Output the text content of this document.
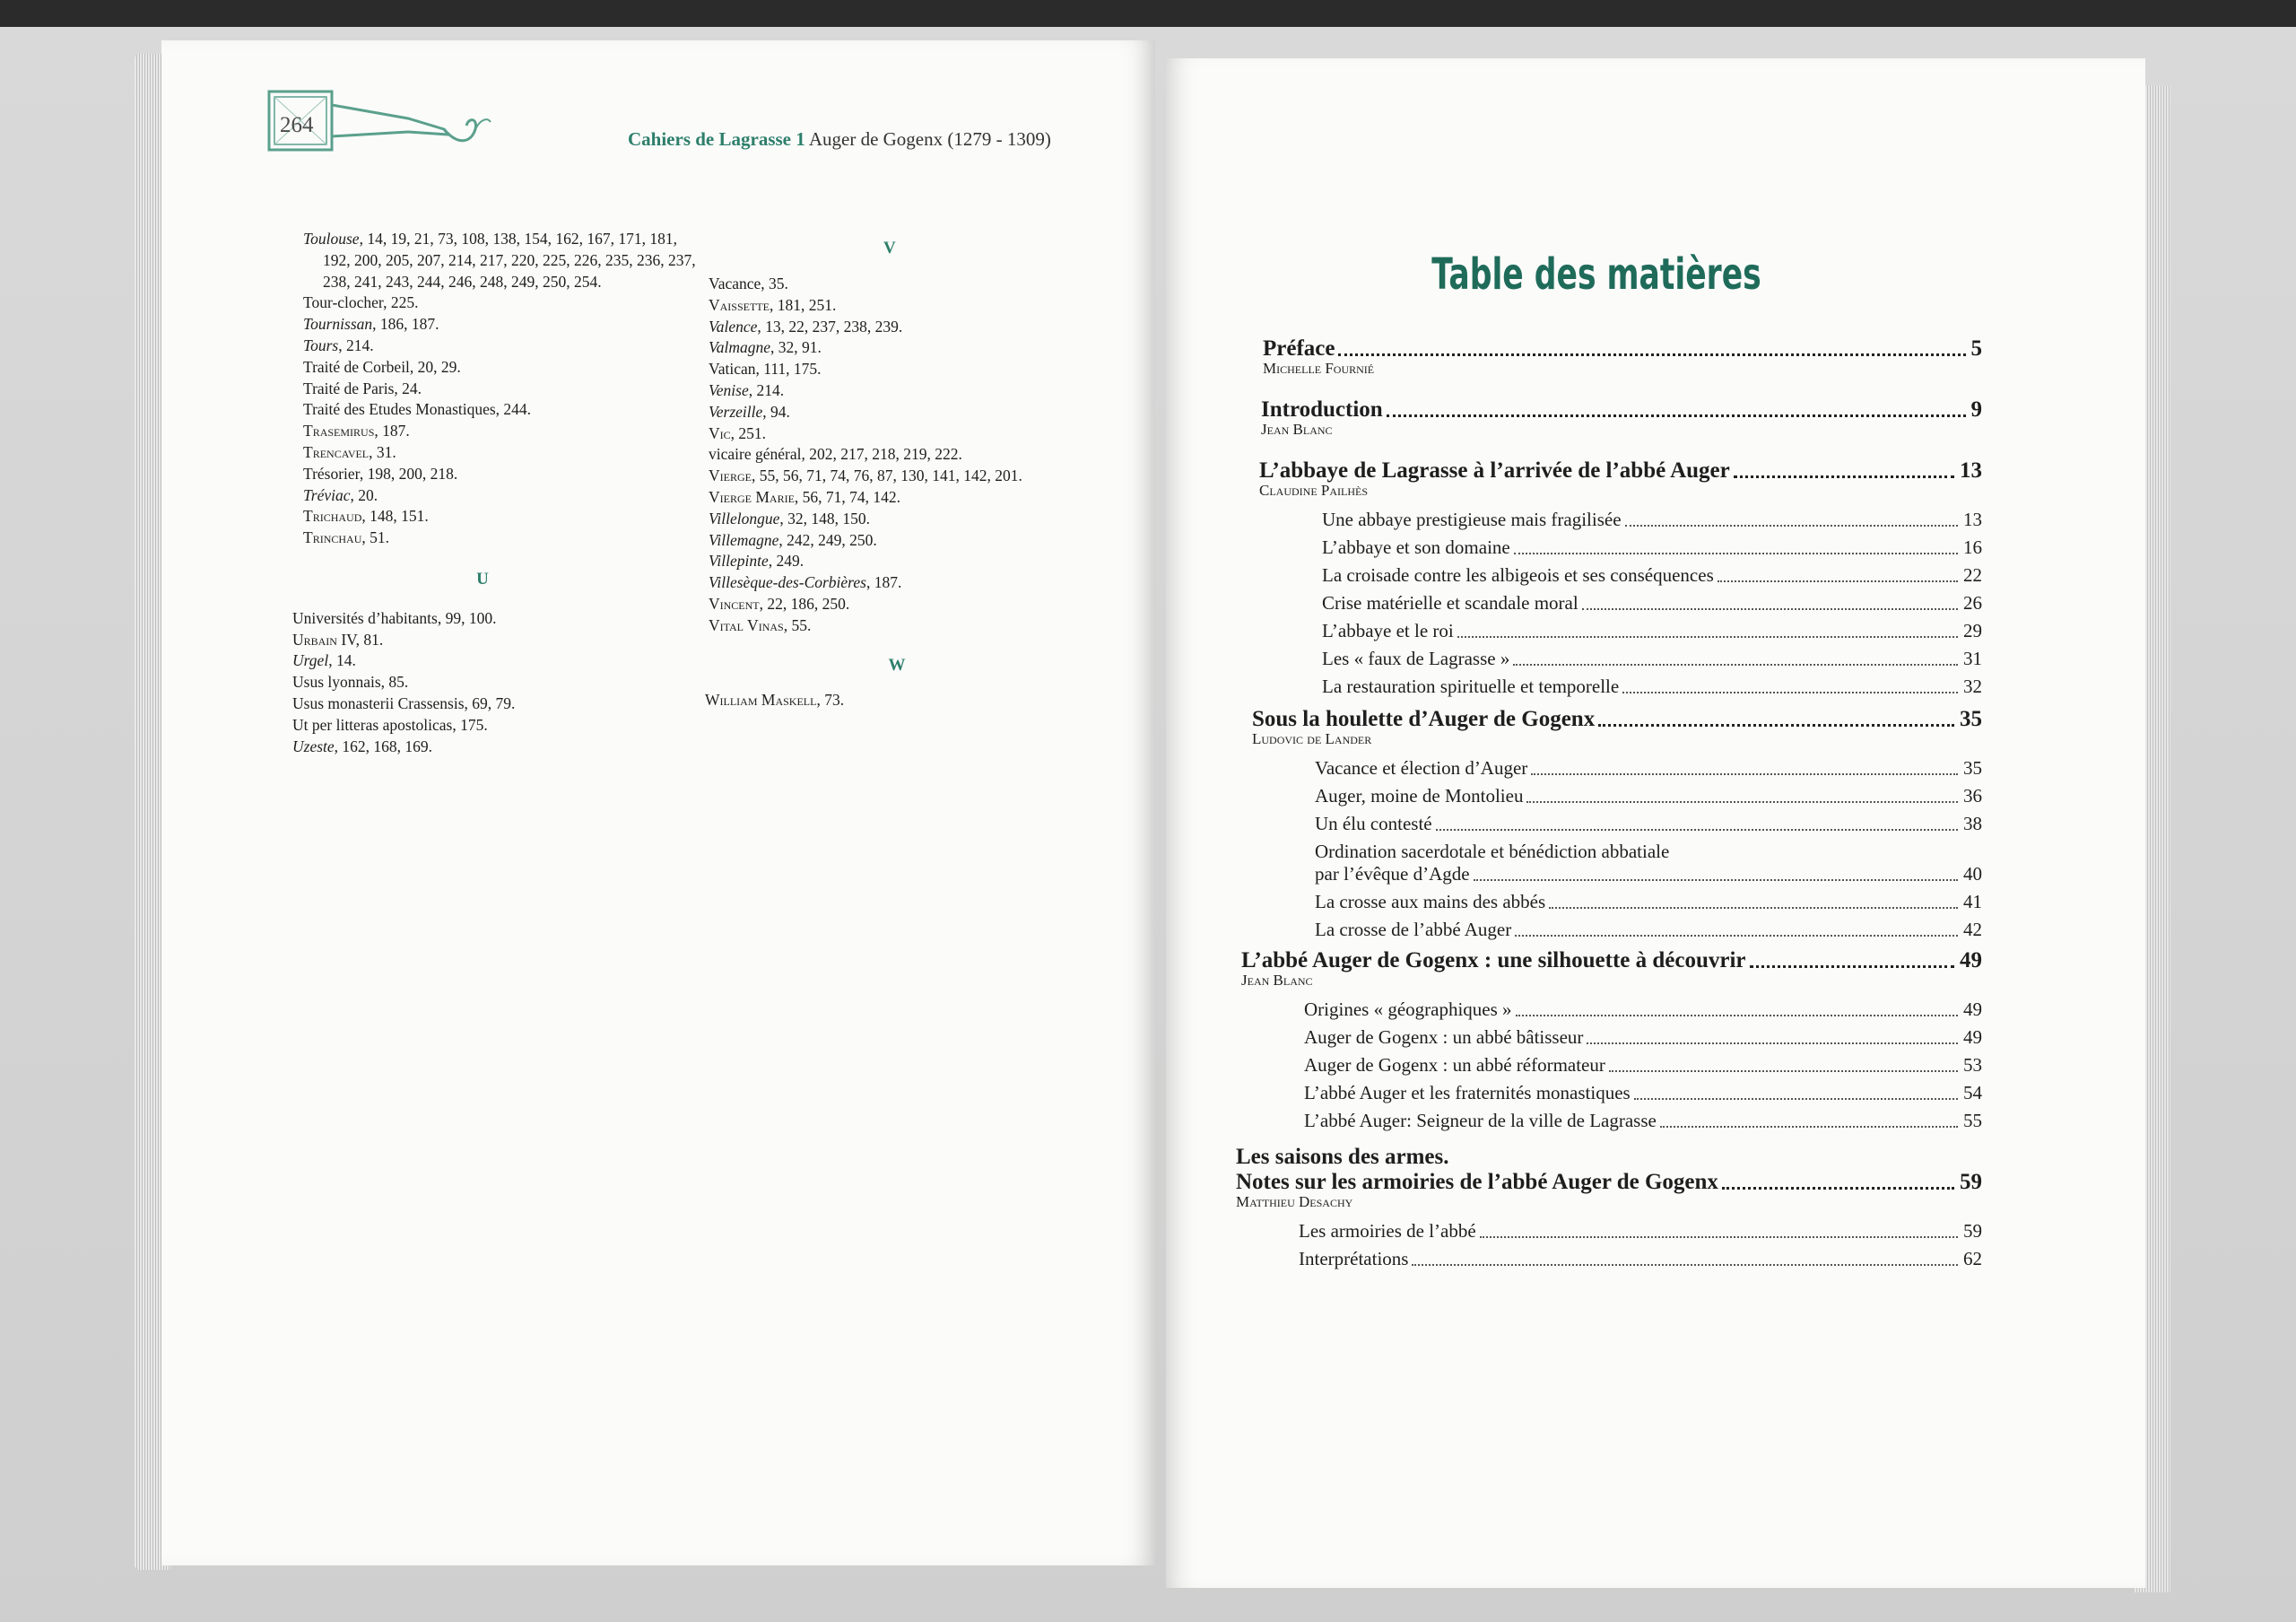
264
Cahiers de Lagrasse 1 Auger de Gogenx (1279 - 1309)
Toulouse, 14, 19, 21, 73, 108, 138, 154, 162, 167, 171, 181, 192, 200, 205, 207, 214, 217, 220, 225, 226, 235, 236, 237, 238, 241, 243, 244, 246, 248, 249, 250, 254.
Tour-clocher, 225.
Tournissan, 186, 187.
Tours, 214.
Traité de Corbeil, 20, 29.
Traité de Paris, 24.
Traité des Etudes Monastiques, 244.
Trasemirus, 187.
Trencavel, 31.
Trésorier, 198, 200, 218.
Tréviac, 20.
Trichaud, 148, 151.
Trinchau, 51.
U
Universités d’habitants, 99, 100.
Urbain IV, 81.
Urgel, 14.
Usus lyonnais, 85.
Usus monasterii Crassensis, 69, 79.
Ut per litteras apostolicas, 175.
Uzeste, 162, 168, 169.
V
Vacance, 35.
Vaissette, 181, 251.
Valence, 13, 22, 237, 238, 239.
Valmagne, 32, 91.
Vatican, 111, 175.
Venise, 214.
Verzeille, 94.
Vic, 251.
vicaire général, 202, 217, 218, 219, 222.
Vierge, 55, 56, 71, 74, 76, 87, 130, 141, 142, 201.
Vierge Marie, 56, 71, 74, 142.
Villelongue, 32, 148, 150.
Villemagne, 242, 249, 250.
Villepinte, 249.
Villesèque-des-Corbières, 187.
Vincent, 22, 186, 250.
Vital Vinas, 55.
W
William Maskell, 73.
Table des matières
Préface	5
Michelle Fournié
Introduction	9
Jean Blanc
L’abbaye de Lagrasse à l’arrivée de l’abbé Auger	13
Claudine Pailhès
Une abbaye prestigieuse mais fragilisée	13
L’abbaye et son domaine	16
La croisade contre les albigeois et ses conséquences	22
Crise matérielle et scandale moral	26
L’abbaye et le roi	29
Les « faux de Lagrasse »	31
La restauration spirituelle et temporelle	32
Sous la houlette d’Auger de Gogenx	35
Ludovic de Lander
Vacance et élection d’Auger	35
Auger, moine de Montolieu	36
Un élu contesté	38
Ordination sacerdotale et bénédiction abbatiale
par l’évêque d’Agde	40
La crosse aux mains des abbés	41
La crosse de l’abbé Auger	42
L’abbé Auger de Gogenx : une silhouette à découvrir	49
Jean Blanc
Origines « géographiques »	49
Auger de Gogenx : un abbé bâtisseur	49
Auger de Gogenx : un abbé réformateur	53
L’abbé Auger et les fraternités monastiques	54
L’abbé Auger: Seigneur de la ville de Lagrasse	55
Les saisons des armes.
Notes sur les armoiries de l’abbé Auger de Gogenx	59
Matthieu Desachy
Les armoiries de l’abbé	59
Interprétations	62
